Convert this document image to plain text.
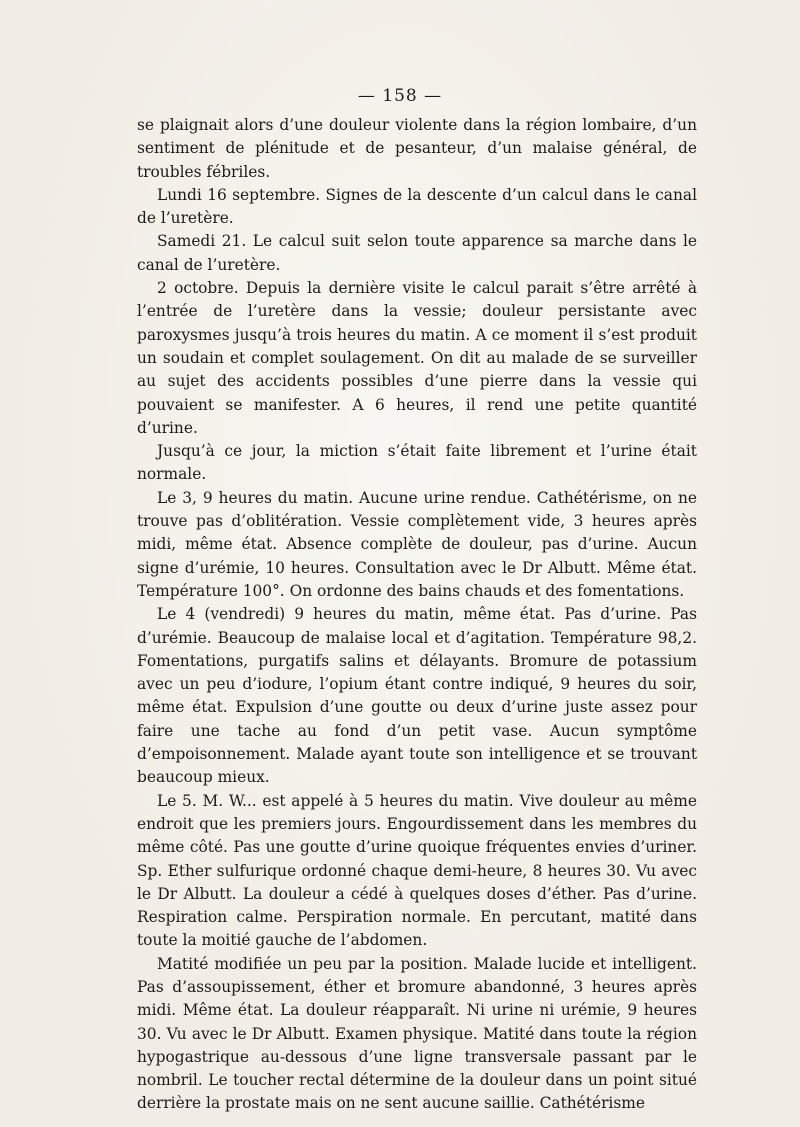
— 158 —

se plaignait alors d’une douleur violente dans la région lombaire, d’un sentiment de plénitude et de pesanteur, d’un malaise général, de troubles fébriles.

Lundi 16 septembre. Signes de la descente d’un calcul dans le canal de l’uretère.

Samedi 21. Le calcul suit selon toute apparence sa marche dans le canal de l’uretère.

2 octobre. Depuis la dernière visite le calcul parait s’être arrêté à l’entrée de l’uretère dans la vessie; douleur persistante avec paroxysmes jusqu’à trois heures du matin. A ce moment il s’est produit un soudain et complet soulagement. On dit au malade de se surveiller au sujet des accidents possibles d’une pierre dans la vessie qui pouvaient se manifester. A 6 heures, il rend une petite quantité d’urine.

Jusqu’à ce jour, la miction s’était faite librement et l’urine était normale.

Le 3, 9 heures du matin. Aucune urine rendue. Cathétérisme, on ne trouve pas d’oblitération. Vessie complètement vide, 3 heures après midi, même état. Absence complète de douleur, pas d’urine. Aucun signe d’urémie, 10 heures. Consultation avec le Dr Albutt. Même état. Température 100°. On ordonne des bains chauds et des fomentations.

Le 4 (vendredi) 9 heures du matin, même état. Pas d’urine. Pas d’urémie. Beaucoup de malaise local et d’agitation. Température 98,2. Fomentations, purgatifs salins et délayants. Bromure de potassium avec un peu d’iodure, l’opium étant contre indiqué, 9 heures du soir, même état. Expulsion d’une goutte ou deux d’urine juste assez pour faire une tache au fond d’un petit vase. Aucun symptôme d’empoisonnement. Malade ayant toute son intelligence et se trouvant beaucoup mieux.

Le 5. M. W... est appelé à 5 heures du matin. Vive douleur au même endroit que les premiers jours. Engourdissement dans les membres du même côté. Pas une goutte d’urine quoique fréquentes envies d’uriner. Sp. Ether sulfurique ordonné chaque demi-heure, 8 heures 30. Vu avec le Dr Albutt. La douleur a cédé à quelques doses d’éther. Pas d’urine. Respiration calme. Perspiration normale. En percutant, matité dans toute la moitié gauche de l’abdomen.

Matité modifiée un peu par la position. Malade lucide et intelligent. Pas d’assoupissement, éther et bromure abandonné, 3 heures après midi. Même état. La douleur réapparaît. Ni urine ni urémie, 9 heures 30. Vu avec le Dr Albutt. Examen physique. Matité dans toute la région hypogastrique au-dessous d’une ligne transversale passant par le nombril. Le toucher rectal détermine de la douleur dans un point situé derrière la prostate mais on ne sent aucune saillie. Cathétérisme
